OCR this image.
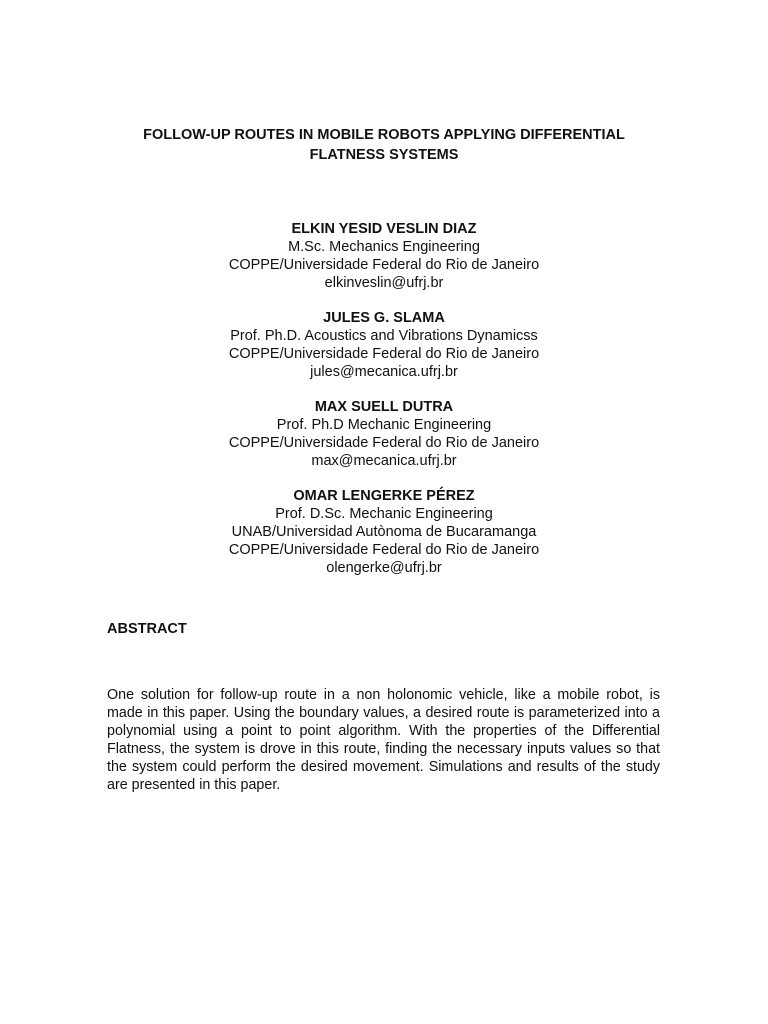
FOLLOW-UP ROUTES IN MOBILE ROBOTS APPLYING DIFFERENTIAL
FLATNESS SYSTEMS
ELKIN YESID VESLIN DIAZ
M.Sc. Mechanics Engineering
COPPE/Universidade Federal do Rio de Janeiro
elkinveslin@ufrj.br
JULES G. SLAMA
Prof. Ph.D. Acoustics and Vibrations Dynamicss
COPPE/Universidade Federal do Rio de Janeiro
jules@mecanica.ufrj.br
MAX SUELL DUTRA
Prof. Ph.D Mechanic Engineering
COPPE/Universidade Federal do Rio de Janeiro
max@mecanica.ufrj.br
OMAR LENGERKE PÉREZ
Prof. D.Sc. Mechanic Engineering
UNAB/Universidad Autònoma de Bucaramanga
COPPE/Universidade Federal do Rio de Janeiro
olengerke@ufrj.br
ABSTRACT
One solution for follow-up route in a non holonomic vehicle, like a mobile robot, is made in this paper. Using the boundary values, a desired route is parameterized into a polynomial using a point to point algorithm. With the properties of the Differential Flatness, the system is drove in this route, finding the necessary inputs values so that the system could perform the desired movement. Simulations and results of the study are presented in this paper.
